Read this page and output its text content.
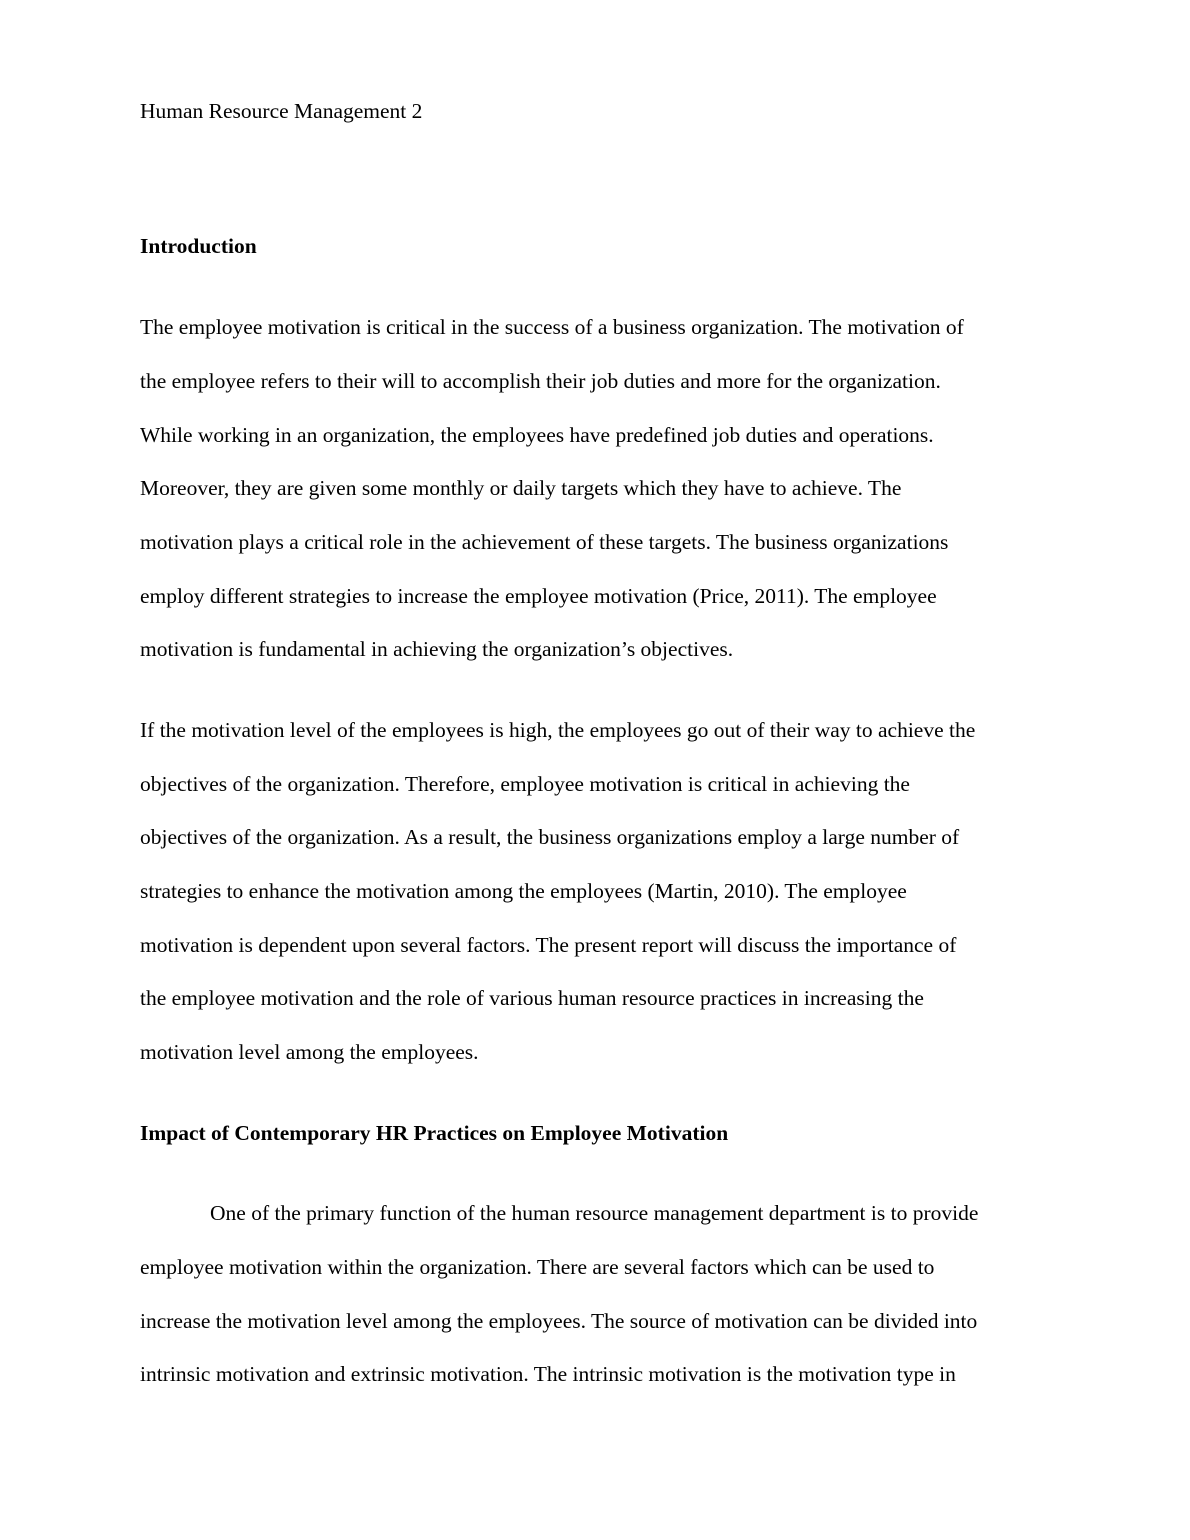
Human Resource Management 2
Introduction
The employee motivation is critical in the success of a business organization. The motivation of
the employee refers to their will to accomplish their job duties and more for the organization.
While working in an organization, the employees have predefined job duties and operations.
Moreover, they are given some monthly or daily targets which they have to achieve. The
motivation plays a critical role in the achievement of these targets. The business organizations
employ different strategies to increase the employee motivation (Price, 2011). The employee
motivation is fundamental in achieving the organization’s objectives.
If the motivation level of the employees is high, the employees go out of their way to achieve the
objectives of the organization. Therefore, employee motivation is critical in achieving the
objectives of the organization. As a result, the business organizations employ a large number of
strategies to enhance the motivation among the employees (Martin, 2010). The employee
motivation is dependent upon several factors. The present report will discuss the importance of
the employee motivation and the role of various human resource practices in increasing the
motivation level among the employees.
Impact of Contemporary HR Practices on Employee Motivation
One of the primary function of the human resource management department is to provide
employee motivation within the organization. There are several factors which can be used to
increase the motivation level among the employees. The source of motivation can be divided into
intrinsic motivation and extrinsic motivation. The intrinsic motivation is the motivation type in
